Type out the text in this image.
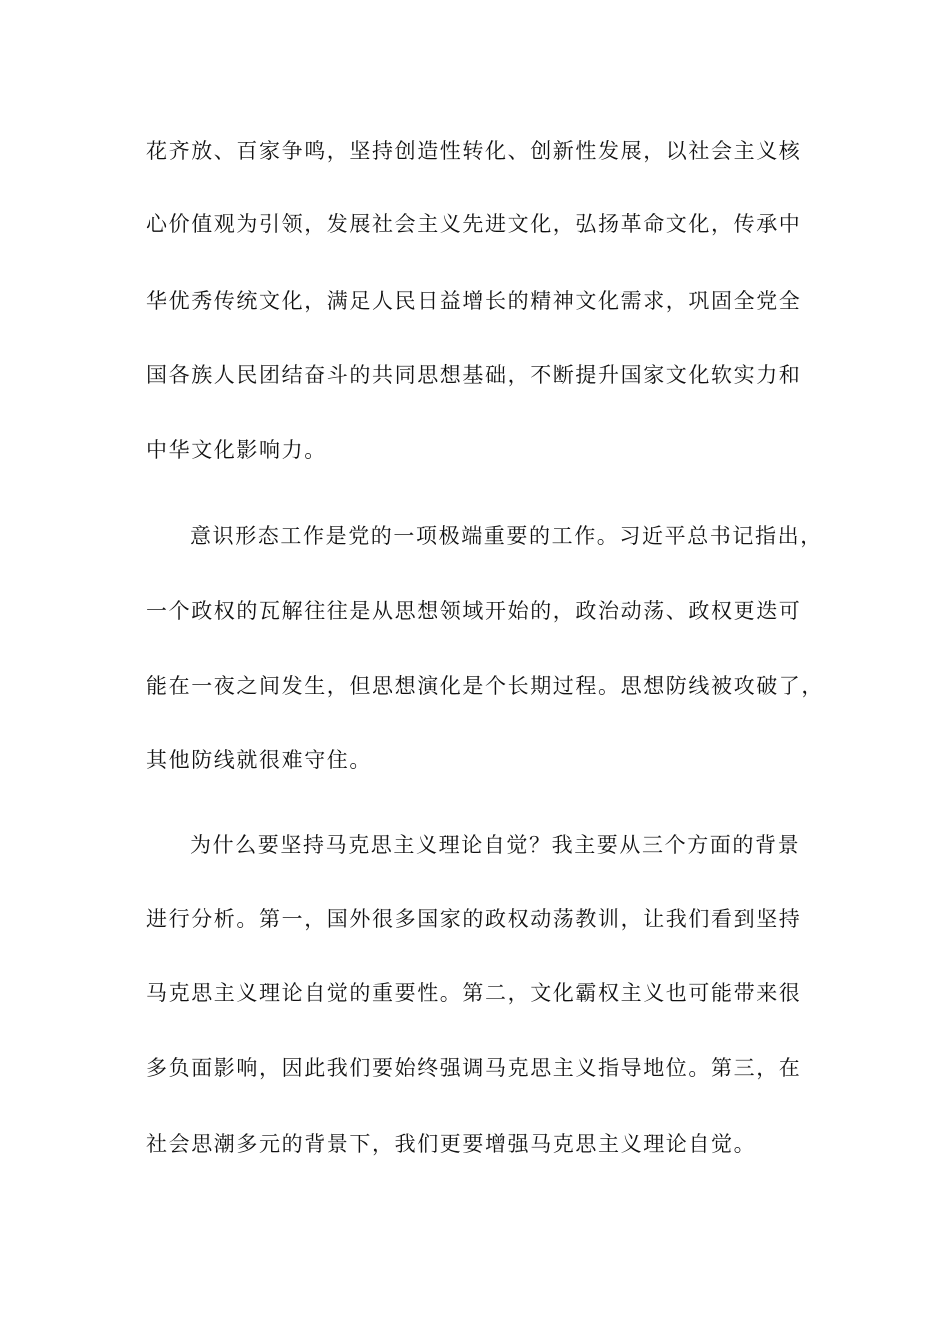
花齐放、百家争鸣，坚持创造性转化、创新性发展，以社会主义核
心价值观为引领，发展社会主义先进文化，弘扬革命文化，传承中
华优秀传统文化，满足人民日益增长的精神文化需求，巩固全党全
国各族人民团结奋斗的共同思想基础，不断提升国家文化软实力和
中华文化影响力。
意识形态工作是党的一项极端重要的工作。习近平总书记指出，
一个政权的瓦解往往是从思想领域开始的，政治动荡、政权更迭可
能在一夜之间发生，但思想演化是个长期过程。思想防线被攻破了，
其他防线就很难守住。
为什么要坚持马克思主义理论自觉？我主要从三个方面的背景
进行分析。第一，国外很多国家的政权动荡教训，让我们看到坚持
马克思主义理论自觉的重要性。第二，文化霸权主义也可能带来很
多负面影响，因此我们要始终强调马克思主义指导地位。第三，在
社会思潮多元的背景下，我们更要增强马克思主义理论自觉。
